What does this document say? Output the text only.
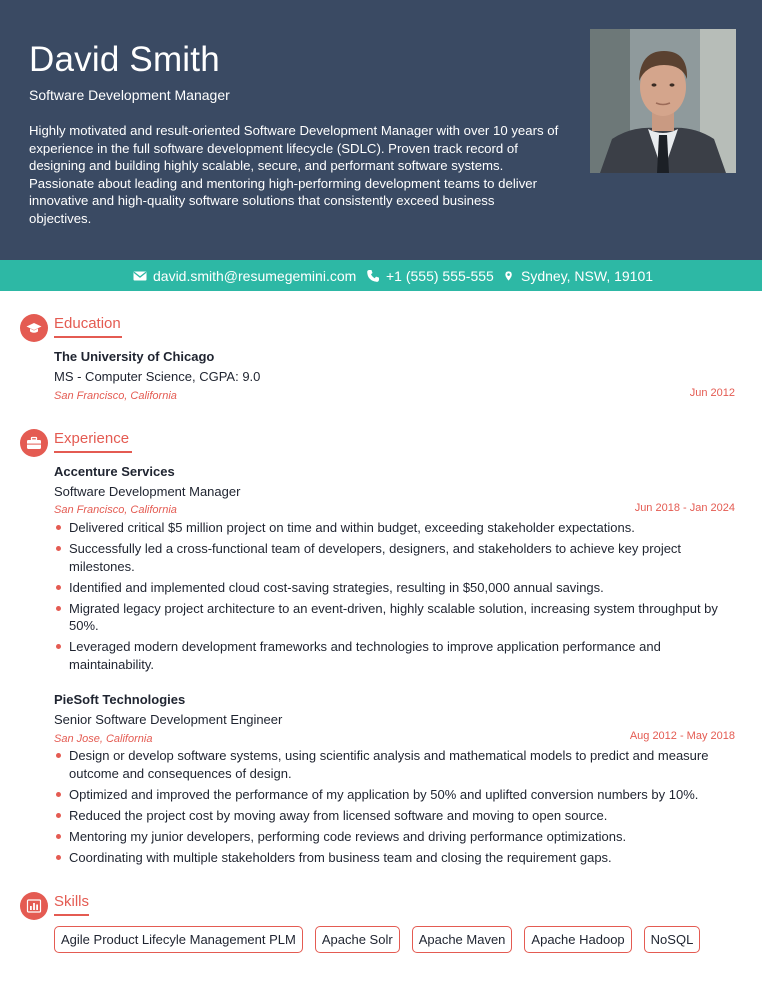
David Smith
Software Development Manager
Highly motivated and result-oriented Software Development Manager with over 10 years of experience in the full software development lifecycle (SDLC). Proven track record of designing and building highly scalable, secure, and performant software systems. Passionate about leading and mentoring high-performing development teams to deliver innovative and high-quality software solutions that consistently exceed business objectives.
david.smith@resumegemini.com +1 (555) 555-555 Sydney, NSW, 19101
Education
The University of Chicago
MS - Computer Science, CGPA: 9.0
San Francisco, California	Jun 2012
Experience
Accenture Services
Software Development Manager
San Francisco, California	Jun 2018 - Jan 2024
Delivered critical $5 million project on time and within budget, exceeding stakeholder expectations.
Successfully led a cross-functional team of developers, designers, and stakeholders to achieve key project milestones.
Identified and implemented cloud cost-saving strategies, resulting in $50,000 annual savings.
Migrated legacy project architecture to an event-driven, highly scalable solution, increasing system throughput by 50%.
Leveraged modern development frameworks and technologies to improve application performance and maintainability.
PieSoft Technologies
Senior Software Development Engineer
San Jose, California	Aug 2012 - May 2018
Design or develop software systems, using scientific analysis and mathematical models to predict and measure outcome and consequences of design.
Optimized and improved the performance of my application by 50% and uplifted conversion numbers by 10%.
Reduced the project cost by moving away from licensed software and moving to open source.
Mentoring my junior developers, performing code reviews and driving performance optimizations.
Coordinating with multiple stakeholders from business team and closing the requirement gaps.
Skills
Agile Product Lifecyle Management PLM	Apache Solr	Apache Maven	Apache Hadoop	NoSQL
